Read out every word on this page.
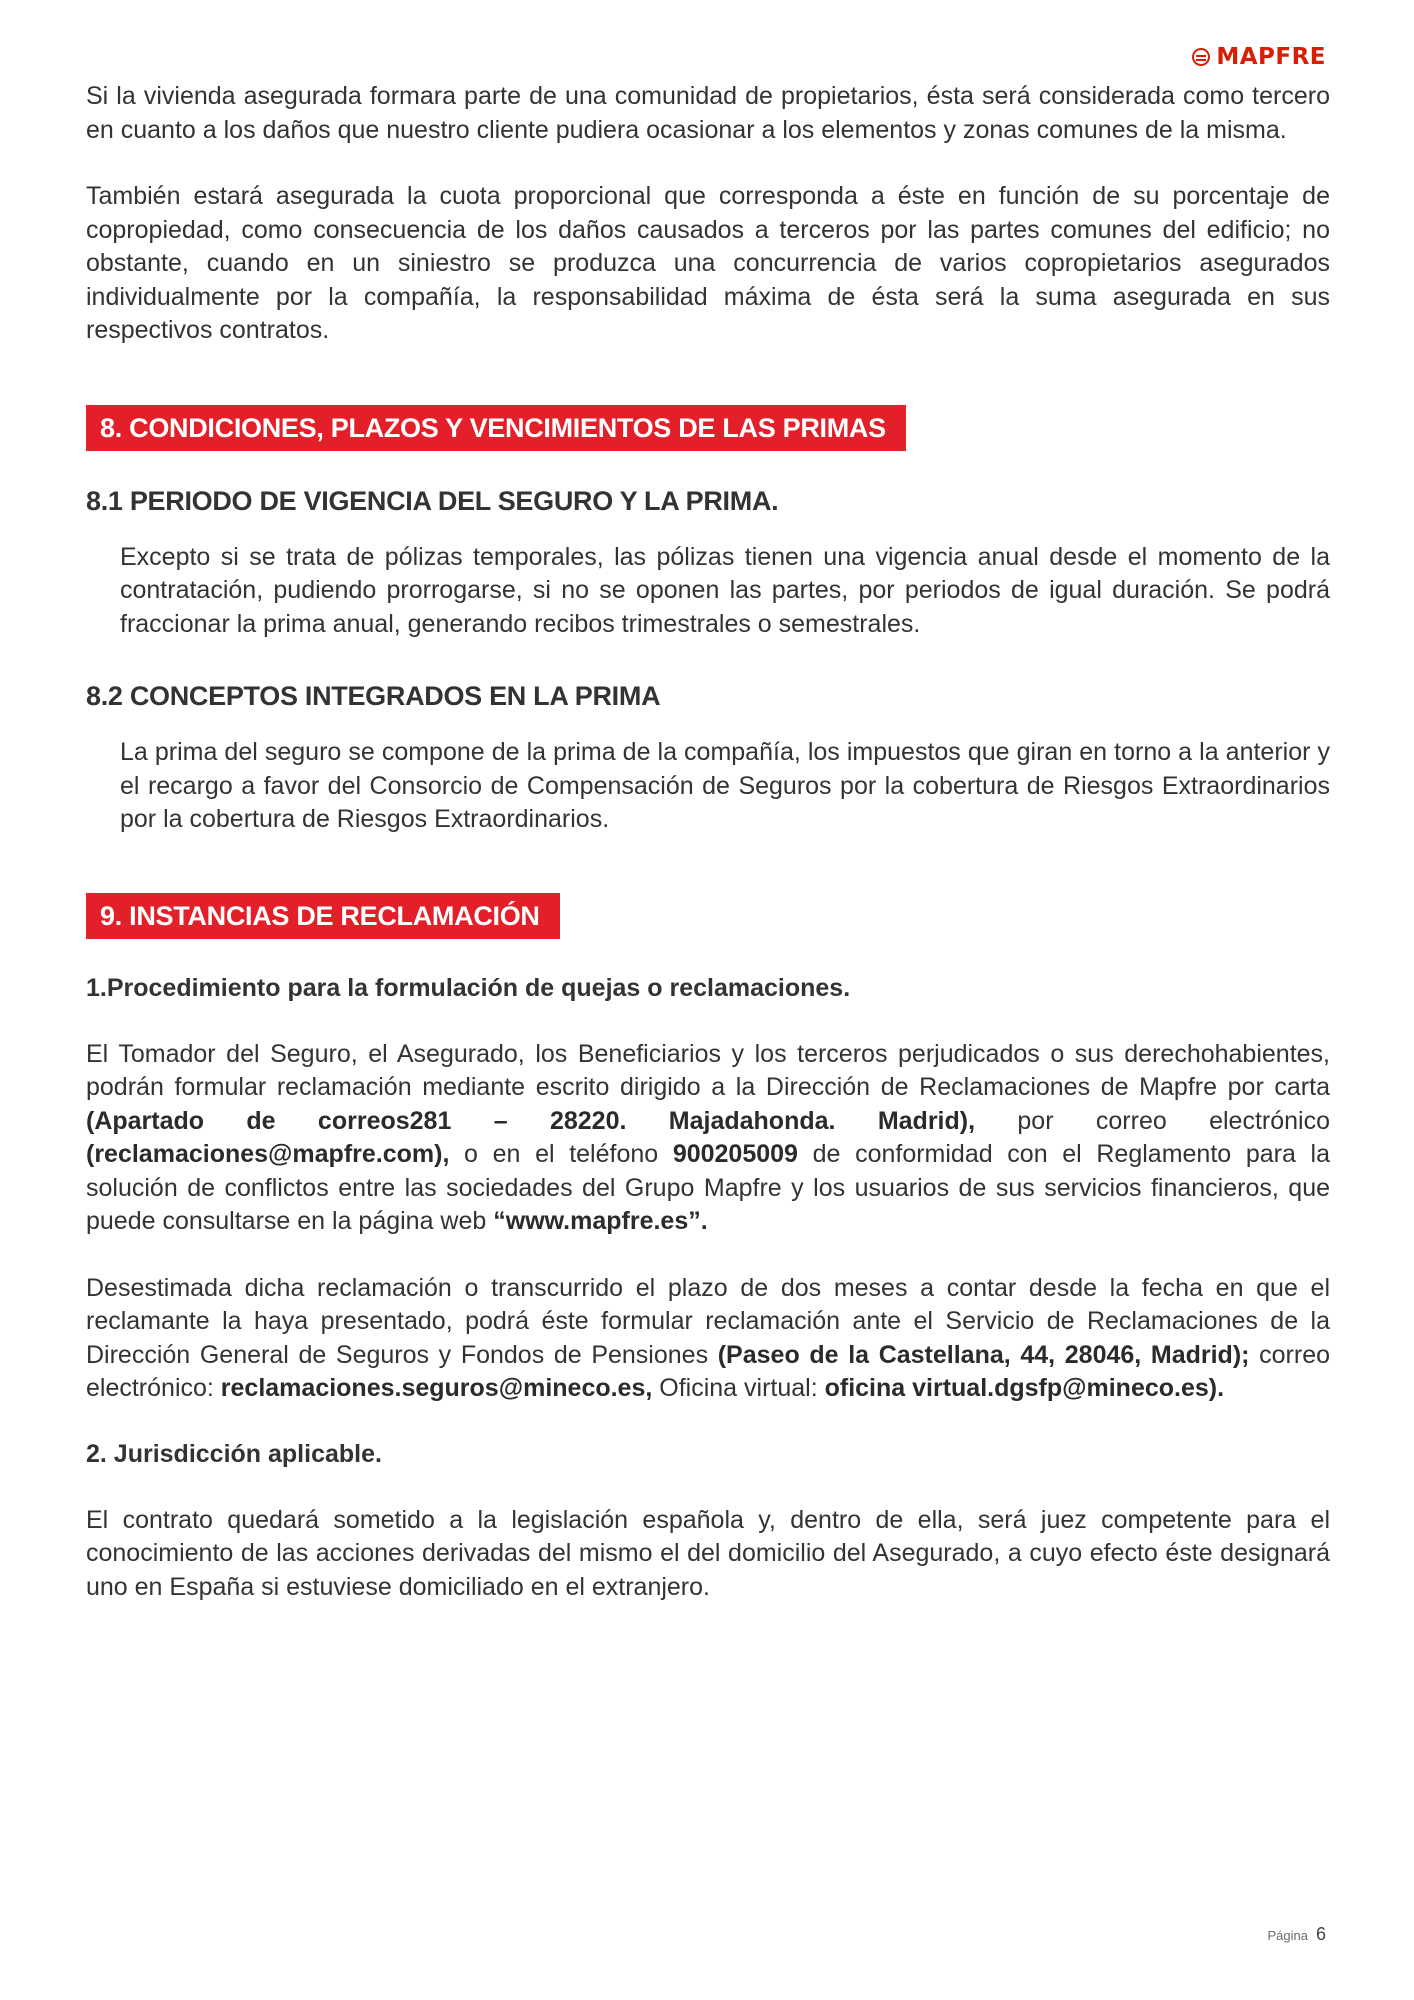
MAPFRE

Si la vivienda asegurada formara parte de una comunidad de propietarios, ésta será considerada como tercero en cuanto a los daños que nuestro cliente pudiera ocasionar a los elementos y zonas comunes de la misma.

También estará asegurada la cuota proporcional que corresponda a éste en función de su porcentaje de copropiedad, como consecuencia de los daños causados a terceros por las partes comunes del edificio; no obstante, cuando en un siniestro se produzca una concurrencia de varios copropietarios asegurados individualmente por la compañía, la responsabilidad máxima de ésta será la suma asegurada en sus respectivos contratos.

8. CONDICIONES, PLAZOS Y VENCIMIENTOS DE LAS PRIMAS
8.1 PERIODO DE VIGENCIA DEL SEGURO Y LA PRIMA.

Excepto si se trata de pólizas temporales, las pólizas tienen una vigencia anual desde el momento de la contratación, pudiendo prorrogarse, si no se oponen las partes, por periodos de igual duración. Se podrá fraccionar la prima anual, generando recibos trimestrales o semestrales.

8.2 CONCEPTOS INTEGRADOS EN LA PRIMA

La prima del seguro se compone de la prima de la compañía, los impuestos que giran en torno a la anterior y el recargo a favor del Consorcio de Compensación de Seguros por la cobertura de Riesgos Extraordinarios por la cobertura de Riesgos Extraordinarios.

9. INSTANCIAS DE RECLAMACIÓN
1.Procedimiento para la formulación de quejas o reclamaciones.

El Tomador del Seguro, el Asegurado, los Beneficiarios y los terceros perjudicados o sus derechohabientes, podrán formular reclamación mediante escrito dirigido a la Dirección de Reclamaciones de Mapfre por carta (Apartado de correos281 – 28220. Majadahonda. Madrid), por correo electrónico (reclamaciones@mapfre.com), o en el teléfono 900205009 de conformidad con el Reglamento para la solución de conflictos entre las sociedades del Grupo Mapfre y los usuarios de sus servicios financieros, que puede consultarse en la página web “www.mapfre.es”.

Desestimada dicha reclamación o transcurrido el plazo de dos meses a contar desde la fecha en que el reclamante la haya presentado, podrá éste formular reclamación ante el Servicio de Reclamaciones de la Dirección General de Seguros y Fondos de Pensiones (Paseo de la Castellana, 44, 28046, Madrid); correo electrónico: reclamaciones.seguros@mineco.es, Oficina virtual: oficina virtual.dgsfp@mineco.es).

2. Jurisdicción aplicable.

El contrato quedará sometido a la legislación española y, dentro de ella, será juez competente para el conocimiento de las acciones derivadas del mismo el del domicilio del Asegurado, a cuyo efecto éste designará uno en España si estuviese domiciliado en el extranjero.

Página 6
